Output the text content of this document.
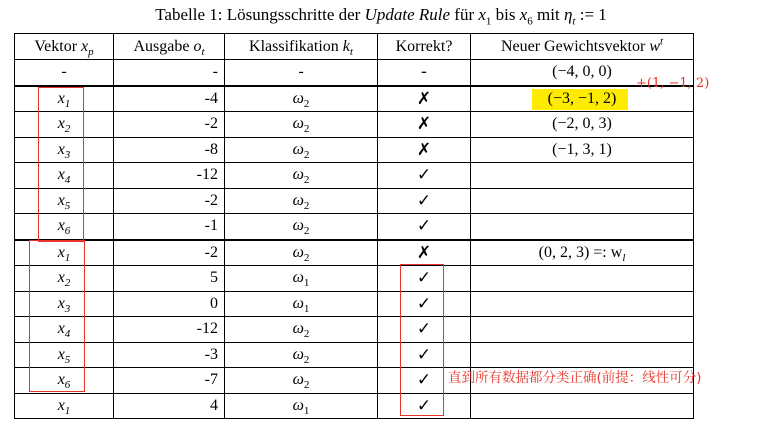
Tabelle 1: Lösungsschritte der Update Rule für $x_1$ bis $x_6$ mit $\eta_t$ := 1
Vektor $x_p$	Ausgabe $o_t$	Klassifikation $k_t$	Korrekt?	Neuer Gewichtsvektor $w^t$
-	-	-	-	(−4, 0, 0)
$x_1$	-4	$\omega_2$	✗	(−3, −1, 2)
$x_2$	-2	$\omega_2$	✗	(−2, 0, 3)
$x_3$	-8	$\omega_2$	✗	(−1, 3, 1)
$x_4$	-12	$\omega_2$	✓	
$x_5$	-2	$\omega_2$	✓	
$x_6$	-1	$\omega_2$	✓	
$x_1$	-2	$\omega_2$	✗	(0, 2, 3) =: $w_l$
$x_2$	5	$\omega_1$	✓	
$x_3$	0	$\omega_1$	✓	
$x_4$	-12	$\omega_2$	✓	
$x_5$	-3	$\omega_2$	✓	
$x_6$	-7	$\omega_2$	✓	
$x_1$	4	$\omega_1$	✓	
+(1, −1, 2)
直到所有数据都分类正确(前提：线性可分)
